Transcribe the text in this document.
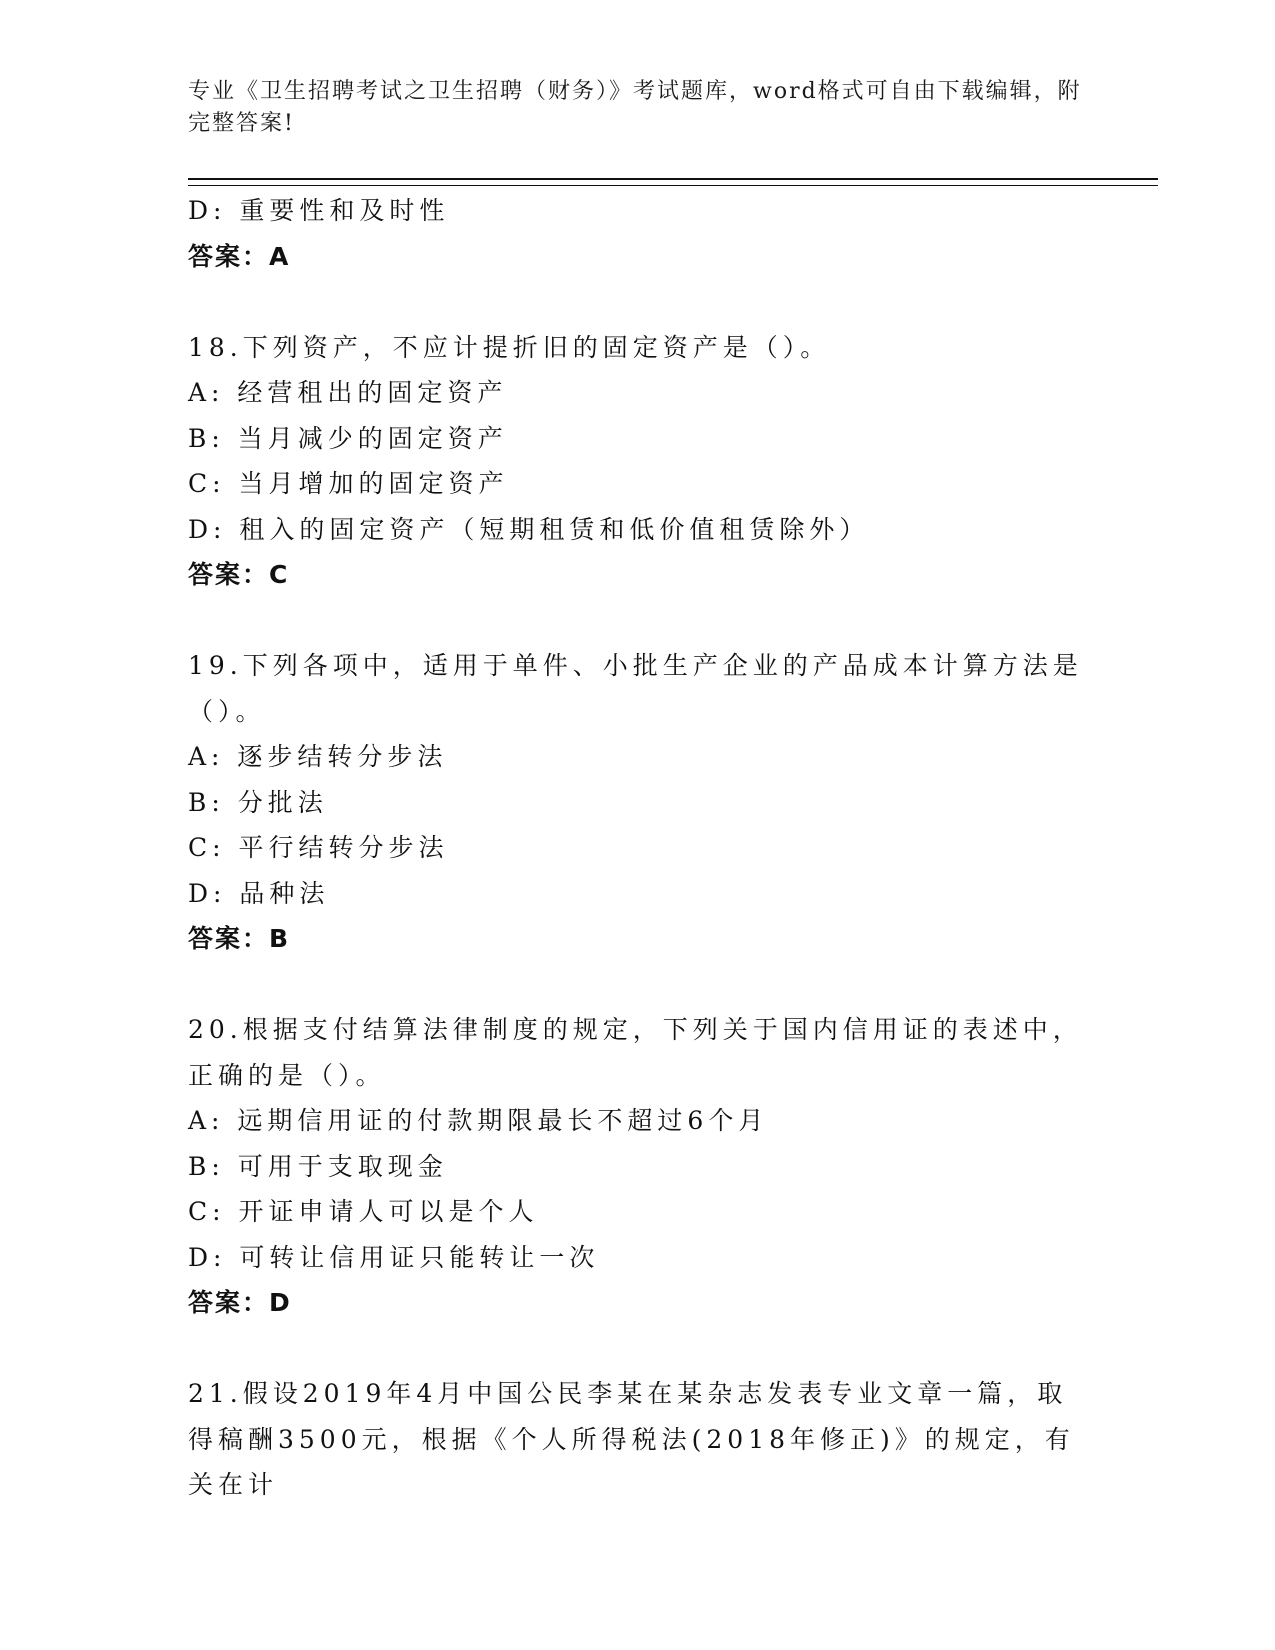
专业《卫生招聘考试之卫生招聘（财务）》考试题库，word格式可自由下载编辑，附完整答案!
D: 重要性和及时性
答案：A
18.下列资产，不应计提折旧的固定资产是（）。
A: 经营租出的固定资产
B: 当月减少的固定资产
C: 当月增加的固定资产
D: 租入的固定资产（短期租赁和低价值租赁除外）
答案：C
19.下列各项中，适用于单件、小批生产企业的产品成本计算方法是（）。
A: 逐步结转分步法
B: 分批法
C: 平行结转分步法
D: 品种法
答案：B
20.根据支付结算法律制度的规定，下列关于国内信用证的表述中，正确的是（）。
A: 远期信用证的付款期限最长不超过6个月
B: 可用于支取现金
C: 开证申请人可以是个人
D: 可转让信用证只能转让一次
答案：D
21.假设2019年4月中国公民李某在某杂志发表专业文章一篇，取得稿酬3500元，根据《个人所得税法(2018年修正)》的规定，有关在计
